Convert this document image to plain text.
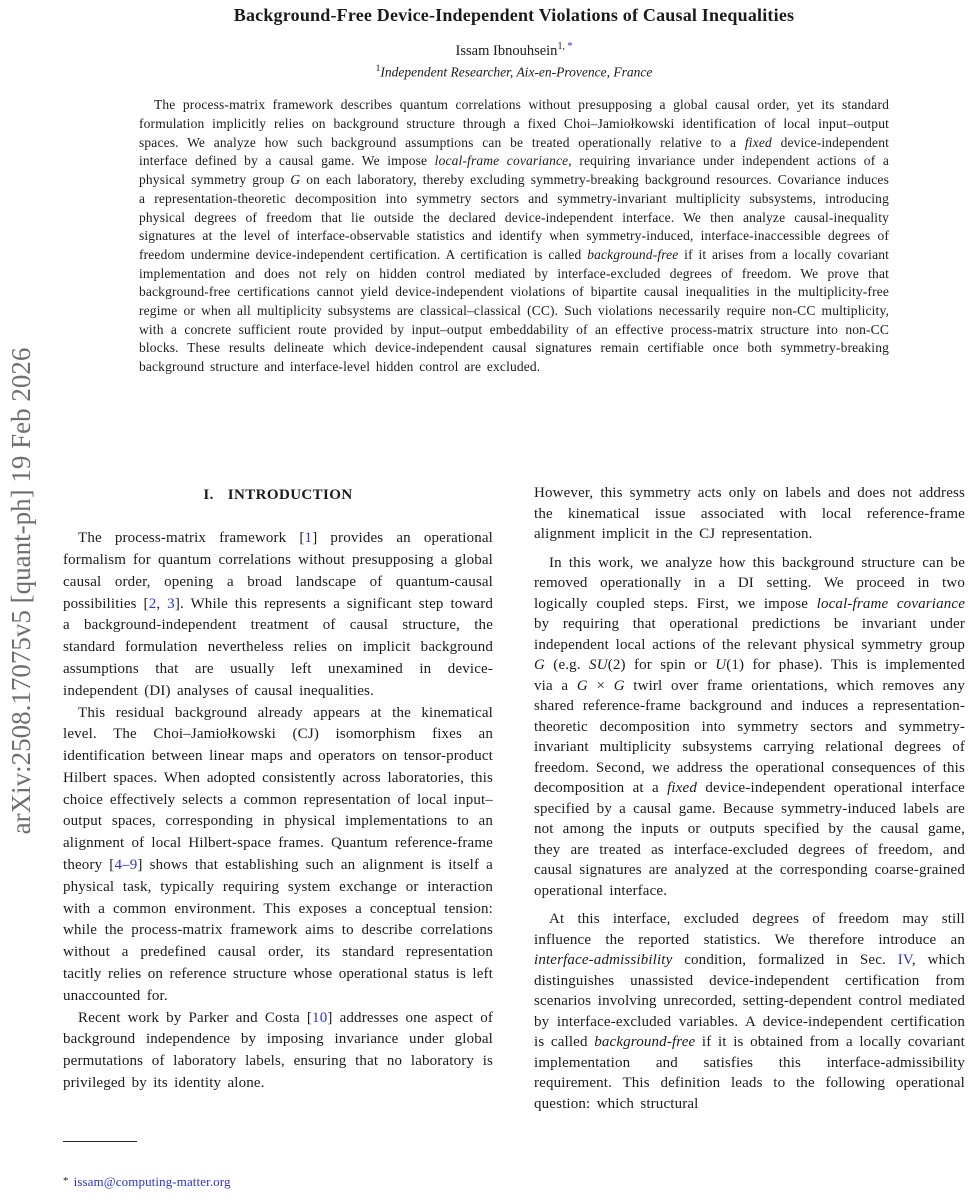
arXiv:2508.17075v5 [quant-ph] 19 Feb 2026
Background-Free Device-Independent Violations of Causal Inequalities
Issam Ibnouhsein$^{1, *}$
$^1$Independent Researcher, Aix-en-Provence, France

The process-matrix framework describes quantum correlations without presupposing a global causal order, yet its standard formulation implicitly relies on background structure through a fixed Choi–Jamiołkowski identification of local input–output spaces. We analyze how such background assumptions can be treated operationally relative to a fixed device-independent interface defined by a causal game. We impose local-frame covariance, requiring invariance under independent actions of a physical symmetry group G on each laboratory, thereby excluding symmetry-breaking background resources. Covariance induces a representation-theoretic decomposition into symmetry sectors and symmetry-invariant multiplicity subsystems, introducing physical degrees of freedom that lie outside the declared device-independent interface. We then analyze causal-inequality signatures at the level of interface-observable statistics and identify when symmetry-induced, interface-inaccessible degrees of freedom undermine device-independent certification. A certification is called background-free if it arises from a locally covariant implementation and does not rely on hidden control mediated by interface-excluded degrees of freedom. We prove that background-free certifications cannot yield device-independent violations of bipartite causal inequalities in the multiplicity-free regime or when all multiplicity subsystems are classical–classical (CC). Such violations necessarily require non-CC multiplicity, with a concrete sufficient route provided by input–output embeddability of an effective process-matrix structure into non-CC blocks. These results delineate which device-independent causal signatures remain certifiable once both symmetry-breaking background structure and interface-level hidden control are excluded.

I. INTRODUCTION

The process-matrix framework [1] provides an operational formalism for quantum correlations without presupposing a global causal order, opening a broad landscape of quantum-causal possibilities [2, 3]. While this represents a significant step toward a background-independent treatment of causal structure, the standard formulation nevertheless relies on implicit background assumptions that are usually left unexamined in device-independent (DI) analyses of causal inequalities.

This residual background already appears at the kinematical level. The Choi–Jamiołkowski (CJ) isomorphism fixes an identification between linear maps and operators on tensor-product Hilbert spaces. When adopted consistently across laboratories, this choice effectively selects a common representation of local input–output spaces, corresponding in physical implementations to an alignment of local Hilbert-space frames. Quantum reference-frame theory [4–9] shows that establishing such an alignment is itself a physical task, typically requiring system exchange or interaction with a common environment. This exposes a conceptual tension: while the process-matrix framework aims to describe correlations without a predefined causal order, its standard representation tacitly relies on reference structure whose operational status is left unaccounted for.

Recent work by Parker and Costa [10] addresses one aspect of background independence by imposing invariance under global permutations of laboratory labels, ensuring that no laboratory is privileged by its identity alone.

However, this symmetry acts only on labels and does not address the kinematical issue associated with local reference-frame alignment implicit in the CJ representation.

In this work, we analyze how this background structure can be removed operationally in a DI setting. We proceed in two logically coupled steps. First, we impose local-frame covariance by requiring that operational predictions be invariant under independent local actions of the relevant physical symmetry group G (e.g. SU(2) for spin or U(1) for phase). This is implemented via a G × G twirl over frame orientations, which removes any shared reference-frame background and induces a representation-theoretic decomposition into symmetry sectors and symmetry-invariant multiplicity subsystems carrying relational degrees of freedom. Second, we address the operational consequences of this decomposition at a fixed device-independent operational interface specified by a causal game. Because symmetry-induced labels are not among the inputs or outputs specified by the causal game, they are treated as interface-excluded degrees of freedom, and causal signatures are analyzed at the corresponding coarse-grained operational interface.

At this interface, excluded degrees of freedom may still influence the reported statistics. We therefore introduce an interface-admissibility condition, formalized in Sec. IV, which distinguishes unassisted device-independent certification from scenarios involving unrecorded, setting-dependent control mediated by interface-excluded variables. A device-independent certification is called background-free if it is obtained from a locally covariant implementation and satisfies this interface-admissibility requirement. This definition leads to the following operational question: which structural

* issam@computing-matter.org
